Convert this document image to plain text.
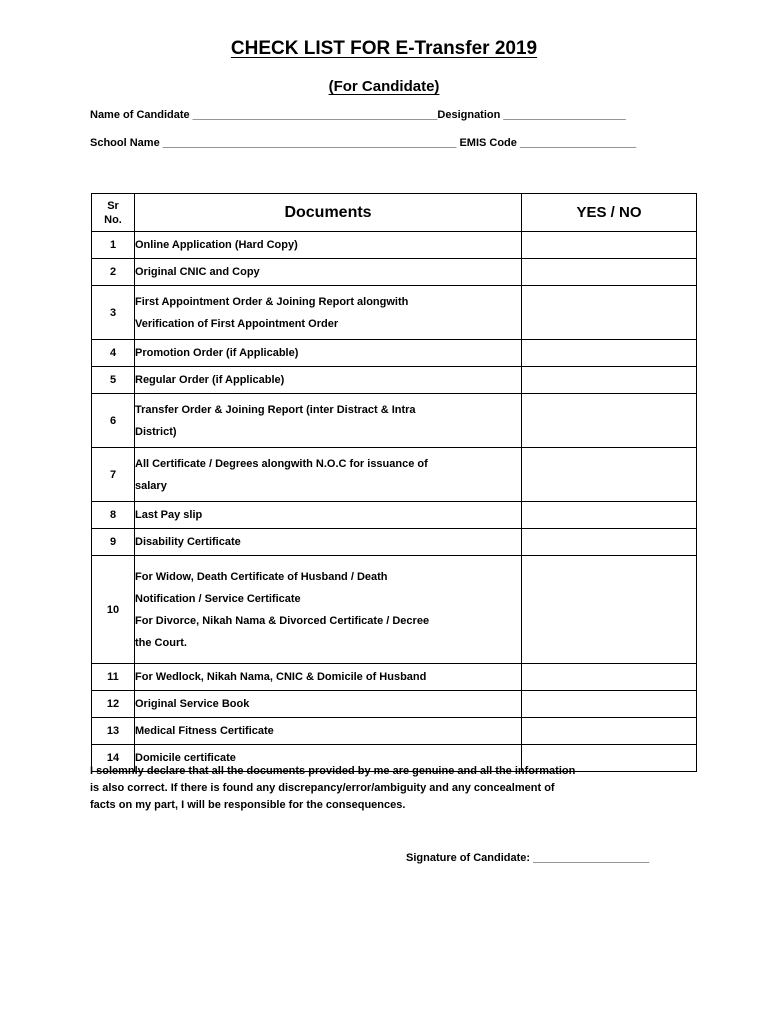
CHECK LIST FOR E-Transfer 2019
(For Candidate)
Name of Candidate ________________________________________Designation ____________________
School Name ________________________________________________ EMIS Code ___________________
Sr
No.	Documents	YES / NO
1	Online Application (Hard Copy)	

2	Original CNIC and Copy	

3	First Appointment Order & Joining Report alongwith
Verification of First Appointment Order	

4	Promotion Order (if Applicable)	

5	Regular Order (if Applicable)	

6	Transfer Order & Joining Report (inter Distract & Intra
District)	

7	All Certificate / Degrees alongwith N.O.C for issuance of
salary	

8	Last Pay slip	

9	Disability Certificate	

10	For Widow, Death Certificate of Husband / Death
Notification / Service Certificate
For Divorce, Nikah Nama & Divorced Certificate / Decree
the Court.	

11	For Wedlock, Nikah Nama, CNIC & Domicile of Husband	

12	Original Service Book	

13	Medical Fitness Certificate	

14	Domicile certificate	

I solemnly declare that all the documents provided by me are genuine and all the information
is also correct. If there is found any discrepancy/error/ambiguity and any concealment of
facts on my part, I will be responsible for the consequences.
Signature of Candidate: ___________________
